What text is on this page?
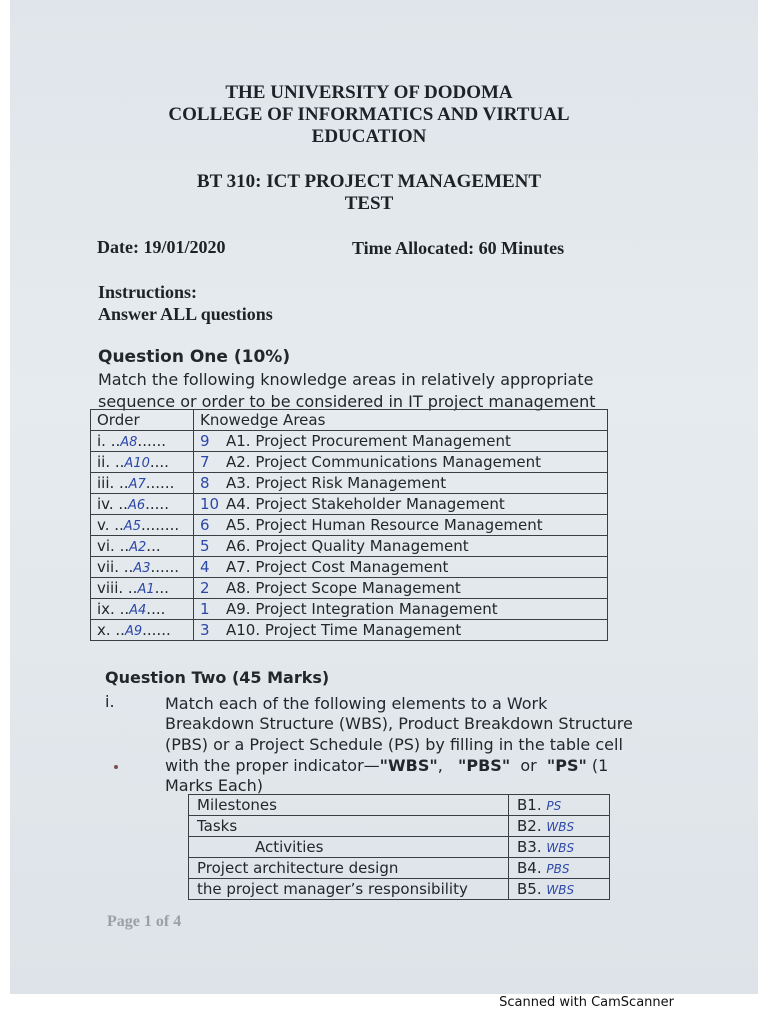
THE UNIVERSITY OF DODOMA
COLLEGE OF INFORMATICS AND VIRTUAL
EDUCATION
BT 310: ICT PROJECT MANAGEMENT
TEST
Date: 19/01/2020	Time Allocated: 60 Minutes
Instructions:
Answer ALL questions
Question One (10%)
Match the following knowledge areas in relatively appropriate
sequence or order to be considered in IT project management
Order	Knowedge Areas
i. ..A8......	9 A1. Project Procurement Management
ii. ..A10....	7 A2. Project Communications Management
iii. ..A7......	8 A3. Project Risk Management
iv. ..A6.....	10 A4. Project Stakeholder Management
v. ..A5........	6 A5. Project Human Resource Management
vi. ..A2...	5 A6. Project Quality Management
vii. ..A3......	4 A7. Project Cost Management
viii. ..A1...	2 A8. Project Scope Management
ix. ..A4....	1 A9. Project Integration Management
x. ..A9......	3 A10. Project Time Management
Question Two (45 Marks)
i.	Match each of the following elements to a Work
Breakdown Structure (WBS), Product Breakdown Structure
(PBS) or a Project Schedule (PS) by filling in the table cell
with the proper indicator—"WBS", "PBS" or "PS" (1
Marks Each)
Milestones	B1. PS
Tasks	B2. WBS
Activities	B3. WBS
Project architecture design	B4. PBS
the project manager’s responsibility	B5. WBS
Page 1 of 4
Scanned with CamScanner
